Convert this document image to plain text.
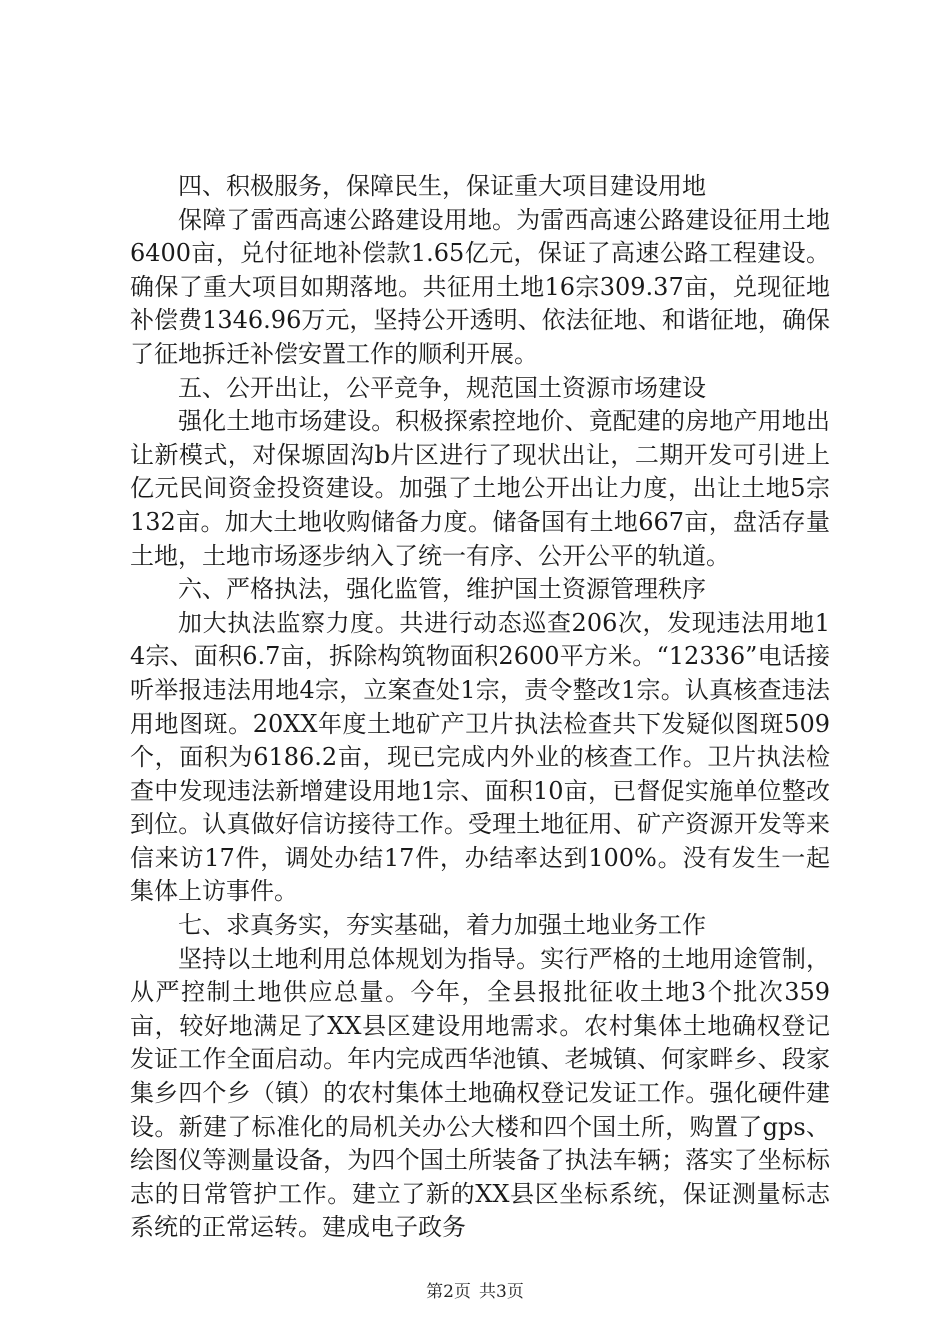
四、积极服务，保障民生，保证重大项目建设用地

保障了雷西高速公路建设用地。为雷西高速公路建设征用土地6400亩，兑付征地补偿款1.65亿元，保证了高速公路工程建设。确保了重大项目如期落地。共征用土地16宗309.37亩，兑现征地补偿费1346.96万元，坚持公开透明、依法征地、和谐征地，确保了征地拆迁补偿安置工作的顺利开展。

五、公开出让，公平竞争，规范国土资源市场建设

强化土地市场建设。积极探索控地价、竟配建的房地产用地出让新模式，对保塬固沟b片区进行了现状出让，二期开发可引进上亿元民间资金投资建设。加强了土地公开出让力度，出让土地5宗132亩。加大土地收购储备力度。储备国有土地667亩，盘活存量土地，土地市场逐步纳入了统一有序、公开公平的轨道。

六、严格执法，强化监管，维护国土资源管理秩序

加大执法监察力度。共进行动态巡查206次，发现违法用地14宗、面积6.7亩，拆除构筑物面积2600平方米。“12336”电话接听举报违法用地4宗，立案查处1宗，责令整改1宗。认真核查违法用地图斑。20XX年度土地矿产卫片执法检查共下发疑似图斑509个，面积为6186.2亩，现已完成内外业的核查工作。卫片执法检查中发现违法新增建设用地1宗、面积10亩，已督促实施单位整改到位。认真做好信访接待工作。受理土地征用、矿产资源开发等来信来访17件，调处办结17件，办结率达到100%。没有发生一起集体上访事件。

七、求真务实，夯实基础，着力加强土地业务工作

坚持以土地利用总体规划为指导。实行严格的土地用途管制，从严控制土地供应总量。今年，全县报批征收土地3个批次359亩，较好地满足了XX县区建设用地需求。农村集体土地确权登记发证工作全面启动。年内完成西华池镇、老城镇、何家畔乡、段家集乡四个乡（镇）的农村集体土地确权登记发证工作。强化硬件建设。新建了标准化的局机关办公大楼和四个国土所，购置了gps、绘图仪等测量设备，为四个国土所装备了执法车辆；落实了坐标标志的日常管护工作。建立了新的XX县区坐标系统，保证测量标志系统的正常运转。建成电子政务

第2页 共3页
